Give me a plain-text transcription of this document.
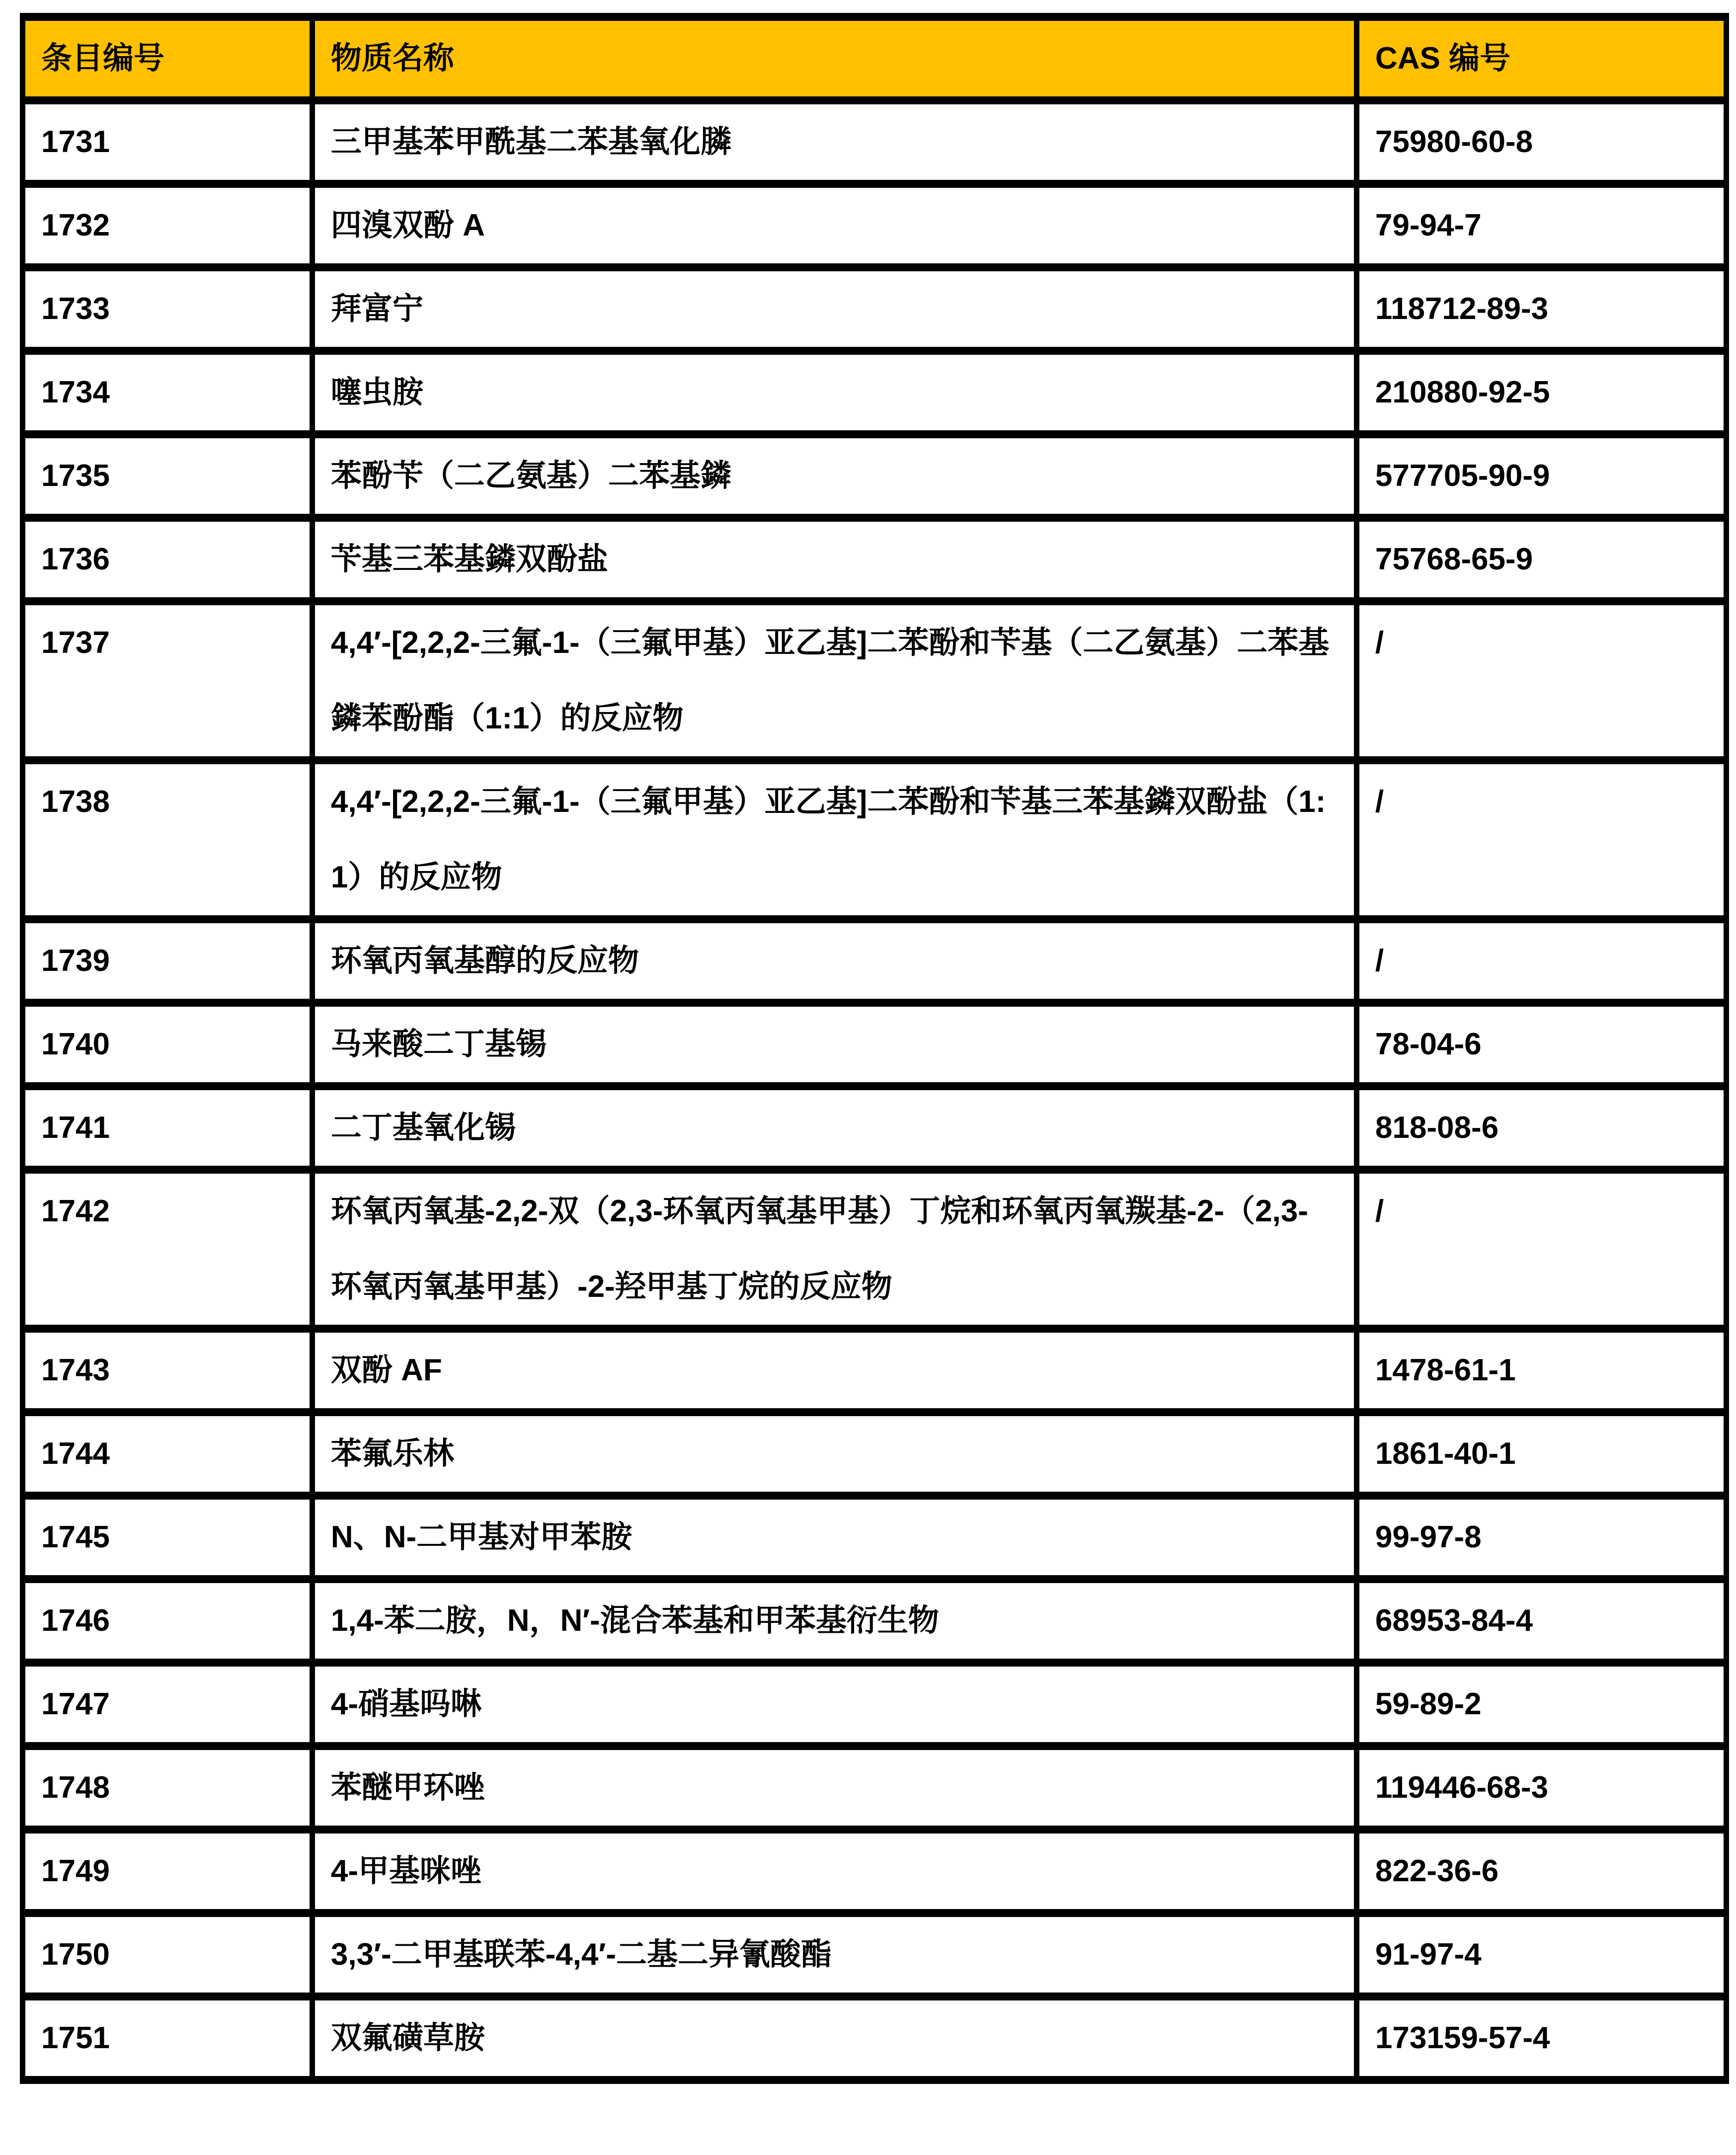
条目编号	物质名称	CAS 编号
1731	三甲基苯甲酰基二苯基氧化膦	75980-60-8
1732	四溴双酚 A	79-94-7
1733	拜富宁	118712-89-3
1734	噻虫胺	210880-92-5
1735	苯酚苄（二乙氨基）二苯基鏻	577705-90-9
1736	苄基三苯基鏻双酚盐	75768-65-9
1737	4,4′-[2,2,2-三氟-1-（三氟甲基）亚乙基]二苯酚和苄基（二乙氨基）二苯基鏻苯酚酯（1:1）的反应物	/
1738	4,4′-[2,2,2-三氟-1-（三氟甲基）亚乙基]二苯酚和苄基三苯基鏻双酚盐（1:1）的反应物	/
1739	环氧丙氧基醇的反应物	/
1740	马来酸二丁基锡	78-04-6
1741	二丁基氧化锡	818-08-6
1742	环氧丙氧基-2,2-双（2,3-环氧丙氧基甲基）丁烷和环氧丙氧羰基-2-（2,3-环氧丙氧基甲基）-2-羟甲基丁烷的反应物	/
1743	双酚 AF	1478-61-1
1744	苯氟乐林	1861-40-1
1745	N、N-二甲基对甲苯胺	99-97-8
1746	1,4-苯二胺，N，N′-混合苯基和甲苯基衍生物	68953-84-4
1747	4-硝基吗啉	59-89-2
1748	苯醚甲环唑	119446-68-3
1749	4-甲基咪唑	822-36-6
1750	3,3′-二甲基联苯-4,4′-二基二异氰酸酯	91-97-4
1751	双氟磺草胺	173159-57-4
